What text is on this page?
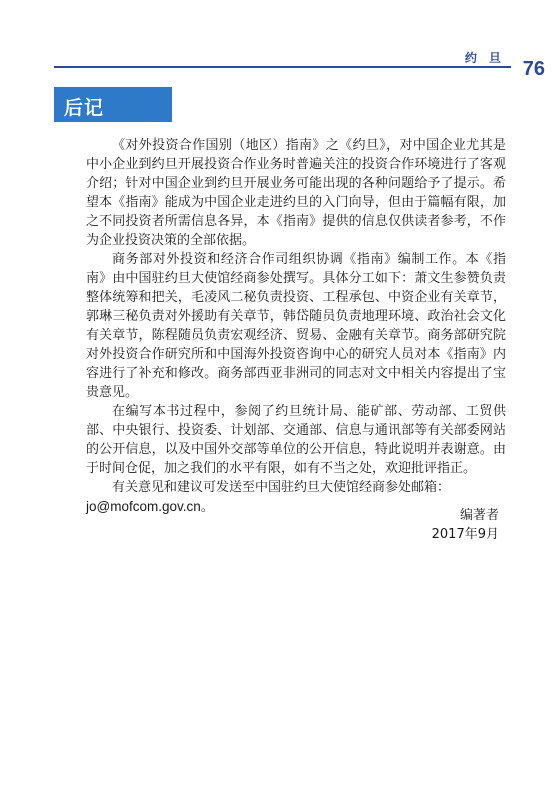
约 旦 76
后记

《对外投资合作国别（地区）指南》之《约旦》，对中国企业尤其是中小企业到约旦开展投资合作业务时普遍关注的投资合作环境进行了客观介绍；针对中国企业到约旦开展业务可能出现的各种问题给予了提示。希望本《指南》能成为中国企业走进约旦的入门向导，但由于篇幅有限，加之不同投资者所需信息各异，本《指南》提供的信息仅供读者参考，不作为企业投资决策的全部依据。

商务部对外投资和经济合作司组织协调《指南》编制工作。本《指南》由中国驻约旦大使馆经商参处撰写。具体分工如下：萧文生参赞负责整体统筹和把关，毛凌风二秘负责投资、工程承包、中资企业有关章节，郭琳三秘负责对外援助有关章节，韩岱随员负责地理环境、政治社会文化有关章节，陈程随员负责宏观经济、贸易、金融有关章节。商务部研究院对外投资合作研究所和中国海外投资咨询中心的研究人员对本《指南》内容进行了补充和修改。商务部西亚非洲司的同志对文中相关内容提出了宝贵意见。

在编写本书过程中，参阅了约旦统计局、能矿部、劳动部、工贸供部、中央银行、投资委、计划部、交通部、信息与通讯部等有关部委网站的公开信息，以及中国外交部等单位的公开信息，特此说明并表谢意。由于时间仓促，加之我们的水平有限，如有不当之处，欢迎批评指正。

有关意见和建议可发送至中国驻约旦大使馆经商参处邮箱：

jo@mofcom.gov.cn。

编著者
2017年9月
